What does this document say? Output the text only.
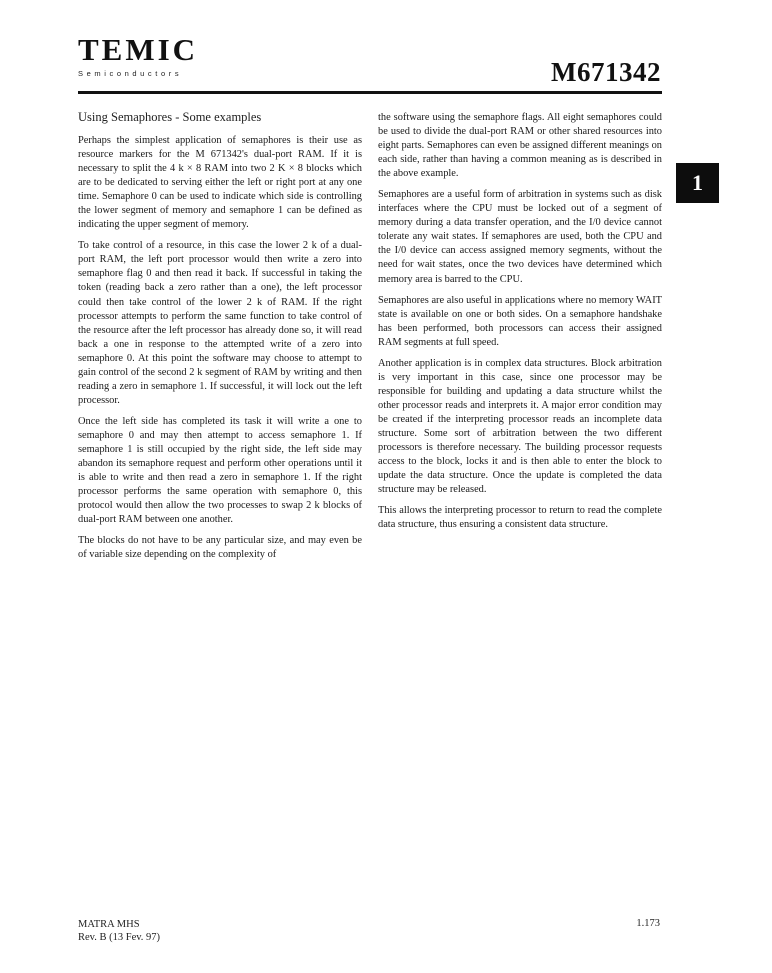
TEMIC
Semiconductors	M671342
1
Using Semaphores - Some examples

Perhaps the simplest application of semaphores is their use as resource markers for the M 671342's dual-port RAM. If it is necessary to split the 4 k × 8 RAM into two 2 K × 8 blocks which are to be dedicated to serving either the left or right port at any one time. Semaphore 0 can be used to indicate which side is controlling the lower segment of memory and semaphore 1 can be defined as indicating the upper segment of memory.

To take control of a resource, in this case the lower 2 k of a dual-port RAM, the left port processor would then write a zero into semaphore flag 0 and then read it back. If successful in taking the token (reading back a zero rather than a one), the left processor could then take control of the lower 2 k of RAM. If the right processor attempts to perform the same function to take control of the resource after the left processor has already done so, it will read back a one in response to the attempted write of a zero into semaphore 0. At this point the software may choose to attempt to gain control of the second 2 k segment of RAM by writing and then reading a zero in semaphore 1. If successful, it will lock out the left processor.

Once the left side has completed its task it will write a one to semaphore 0 and may then attempt to access semaphore 1. If semaphore 1 is still occupied by the right side, the left side may abandon its semaphore request and perform other operations until it is able to write and then read a zero in semaphore 1. If the right processor performs the same operation with semaphore 0, this protocol would then allow the two processes to swap 2 k blocks of dual-port RAM between one another.

The blocks do not have to be any particular size, and may even be of variable size depending on the complexity of

the software using the semaphore flags. All eight semaphores could be used to divide the dual-port RAM or other shared resources into eight parts. Semaphores can even be assigned different meanings on each side, rather than having a common meaning as is described in the above example.

Semaphores are a useful form of arbitration in systems such as disk interfaces where the CPU must be locked out of a segment of memory during a data transfer operation, and the I/0 device cannot tolerate any wait states. If semaphores are used, both the CPU and the I/0 device can access assigned memory segments, without the need for wait states, once the two devices have determined which memory area is barred to the CPU.

Semaphores are also useful in applications where no memory WAIT state is available on one or both sides. On a semaphore handshake has been performed, both processors can access their assigned RAM segments at full speed.

Another application is in complex data structures. Block arbitration is very important in this case, since one processor may be responsible for building and updating a data structure whilst the other processor reads and interprets it. A major error condition may be created if the interpreting processor reads an incomplete data structure. Some sort of arbitration between the two different processors is therefore necessary. The building processor requests access to the block, locks it and is then able to enter the block to update the data structure. Once the update is completed the data structure may be released.

This allows the interpreting processor to return to read the complete data structure, thus ensuring a consistent data structure.

MATRA MHS
Rev. B (13 Fev. 97)
1.173
